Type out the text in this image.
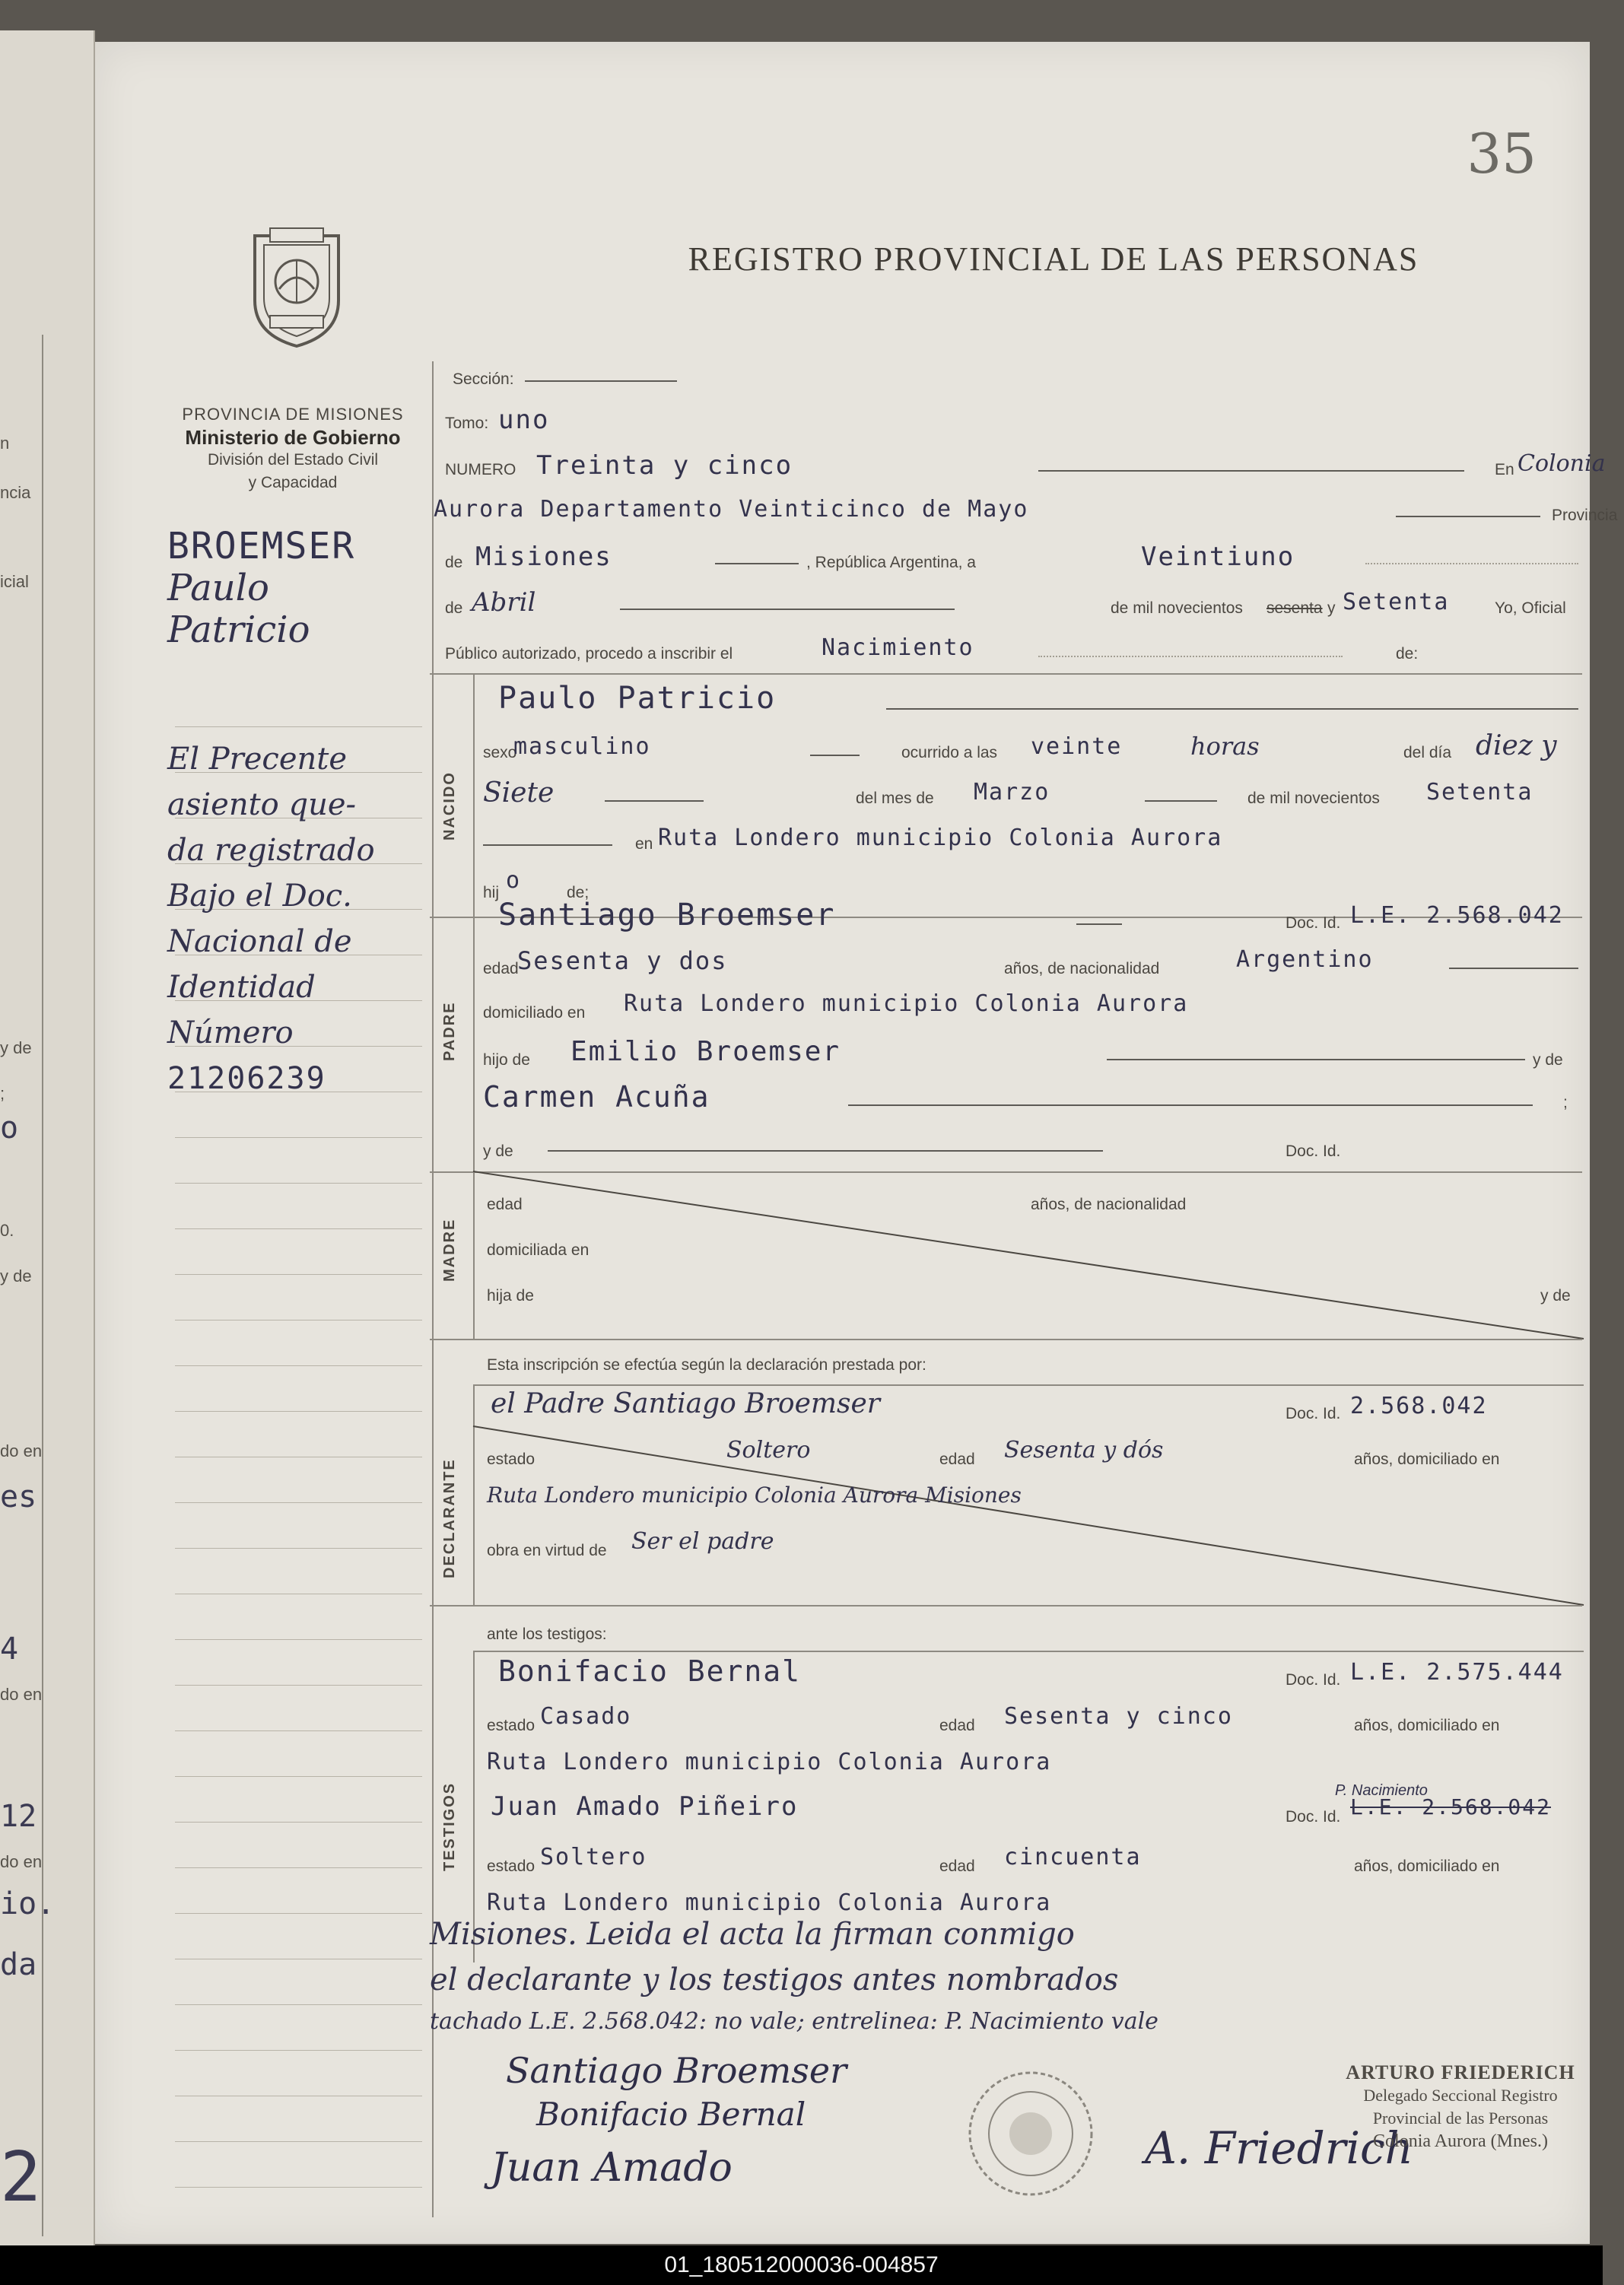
n
ncia
icial
y de
;
o
0.
y de
do en
es
4
do en
12
do en
io.
da
2
35
REGISTRO PROVINCIAL DE LAS PERSONAS
PROVINCIA DE MISIONES
Ministerio de Gobierno
División del Estado Civil
y Capacidad
BROEMSER
Paulo
Patricio
El Precente
asiento que-
da registrado
Bajo el Doc.
Nacional de
Identidad
Número
21206239
Sección:
Tomo: uno
NUMERO Treinta y cinco	En Colonia
Aurora Departamento Veinticinco de Mayo	Provincia
de Misiones	, República Argentina, a	Veintiuno
de Abril	de mil novecientos sesenta y Setenta	Yo, Oficial
Público autorizado, procedo a inscribir el	Nacimiento	de:
NACIDO
Paulo Patricio
sexo
masculino	ocurrido a las veinte	horas	del día diez y
Siete	del mes de Marzo	de mil novecientos Setenta
en Ruta Londero municipio Colonia Aurora
hij o	de;
PADRE
Santiago Broemser	Doc. Id. L.E. 2.568.042
edad
Sesenta y dos	años, de nacionalidad	Argentino
domiciliado en Ruta Londero municipio Colonia Aurora
hijo de Emilio Broemser	y de
Carmen Acuña	;
y de	Doc. Id.
MADRE
edad	años, de nacionalidad
domiciliada en
hija de	y de
Esta inscripción se efectúa según la declaración prestada por:
DECLARANTE
el Padre Santiago Broemser	Doc. Id. 2.568.042
estado	Soltero	edad Sesenta y dós	años, domiciliado en
Ruta Londero municipio Colonia Aurora Misiones
obra en virtud de Ser el padre
ante los testigos:
TESTIGOS
Bonifacio Bernal	Doc. Id. L.E. 2.575.444
estado Casado	edad Sesenta y cinco	años, domiciliado en
Ruta Londero municipio Colonia Aurora
Juan Amado Piñeiro	Doc. Id. L.E. 2.568.042
P. Nacimiento
estado Soltero	edad cincuenta	años, domiciliado en
Ruta Londero municipio Colonia Aurora
Misiones. Leida el acta la firman conmigo
el declarante y los testigos antes nombrados
tachado L.E. 2.568.042: no vale; entrelinea: P. Nacimiento vale
Santiago Broemser
Bonifacio Bernal
Juan Amado	A. Friedrich
ARTURO FRIEDERICH
Delegado Seccional Registro
Provincial de las Personas
Colonia Aurora (Mnes.)
01_180512000036-004857
